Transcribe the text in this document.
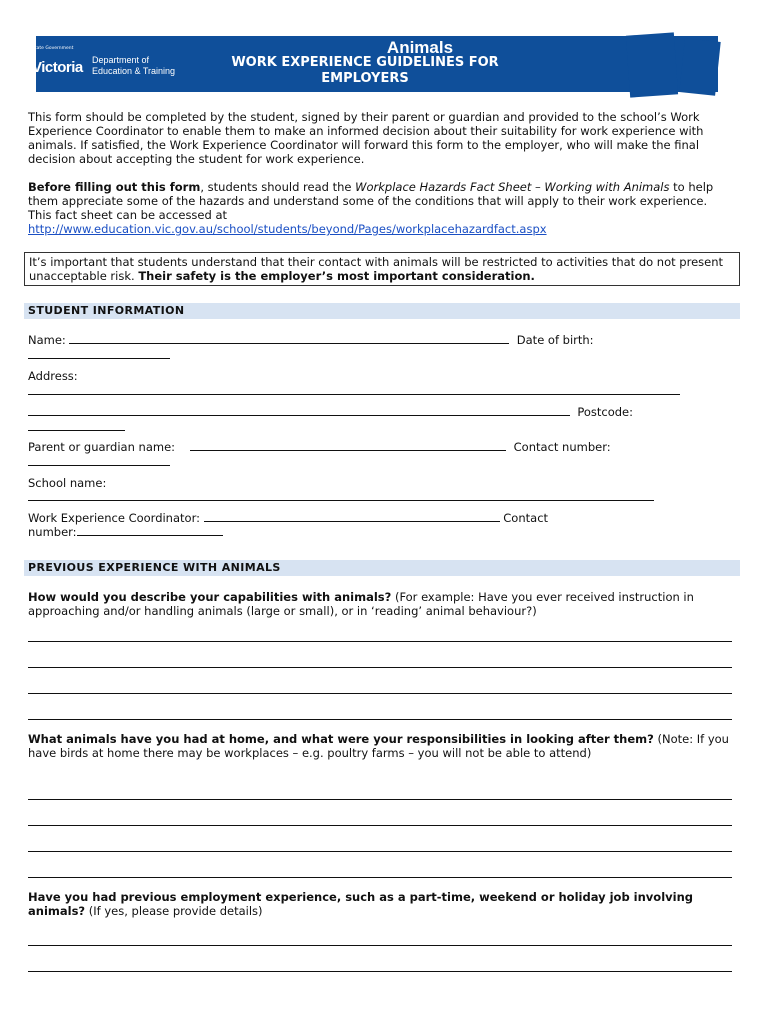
Proposed Work Experience with
Animals
State Government
Victoria Department of
Education & Training
WORK EXPERIENCE GUIDELINES FOR
EMPLOYERS
This form should be completed by the student, signed by their parent or guardian and provided to the school’s Work Experience Coordinator to enable them to make an informed decision about their suitability for work experience with animals. If satisfied, the Work Experience Coordinator will forward this form to the employer, who will make the final decision about accepting the student for work experience.
Before filling out this form, students should read the Workplace Hazards Fact Sheet – Working with Animals to help them appreciate some of the hazards and understand some of the conditions that will apply to their work experience. This fact sheet can be accessed at
http://www.education.vic.gov.au/school/students/beyond/Pages/workplacehazardfact.aspx
It’s important that students understand that their contact with animals will be restricted to activities that do not present unacceptable risk. Their safety is the employer’s most important consideration.
STUDENT INFORMATION
Name:	Date of birth:
Address:
Postcode:
Parent or guardian name:	Contact number:
School name:
Work Experience Coordinator:	Contact
number:
PREVIOUS EXPERIENCE WITH ANIMALS
How would you describe your capabilities with animals? (For example: Have you ever received instruction in approaching and/or handling animals (large or small), or in ‘reading’ animal behaviour?)
What animals have you had at home, and what were your responsibilities in looking after them? (Note: If you have birds at home there may be workplaces – e.g. poultry farms – you will not be able to attend)
Have you had previous employment experience, such as a part-time, weekend or holiday job involving animals? (If yes, please provide details)
